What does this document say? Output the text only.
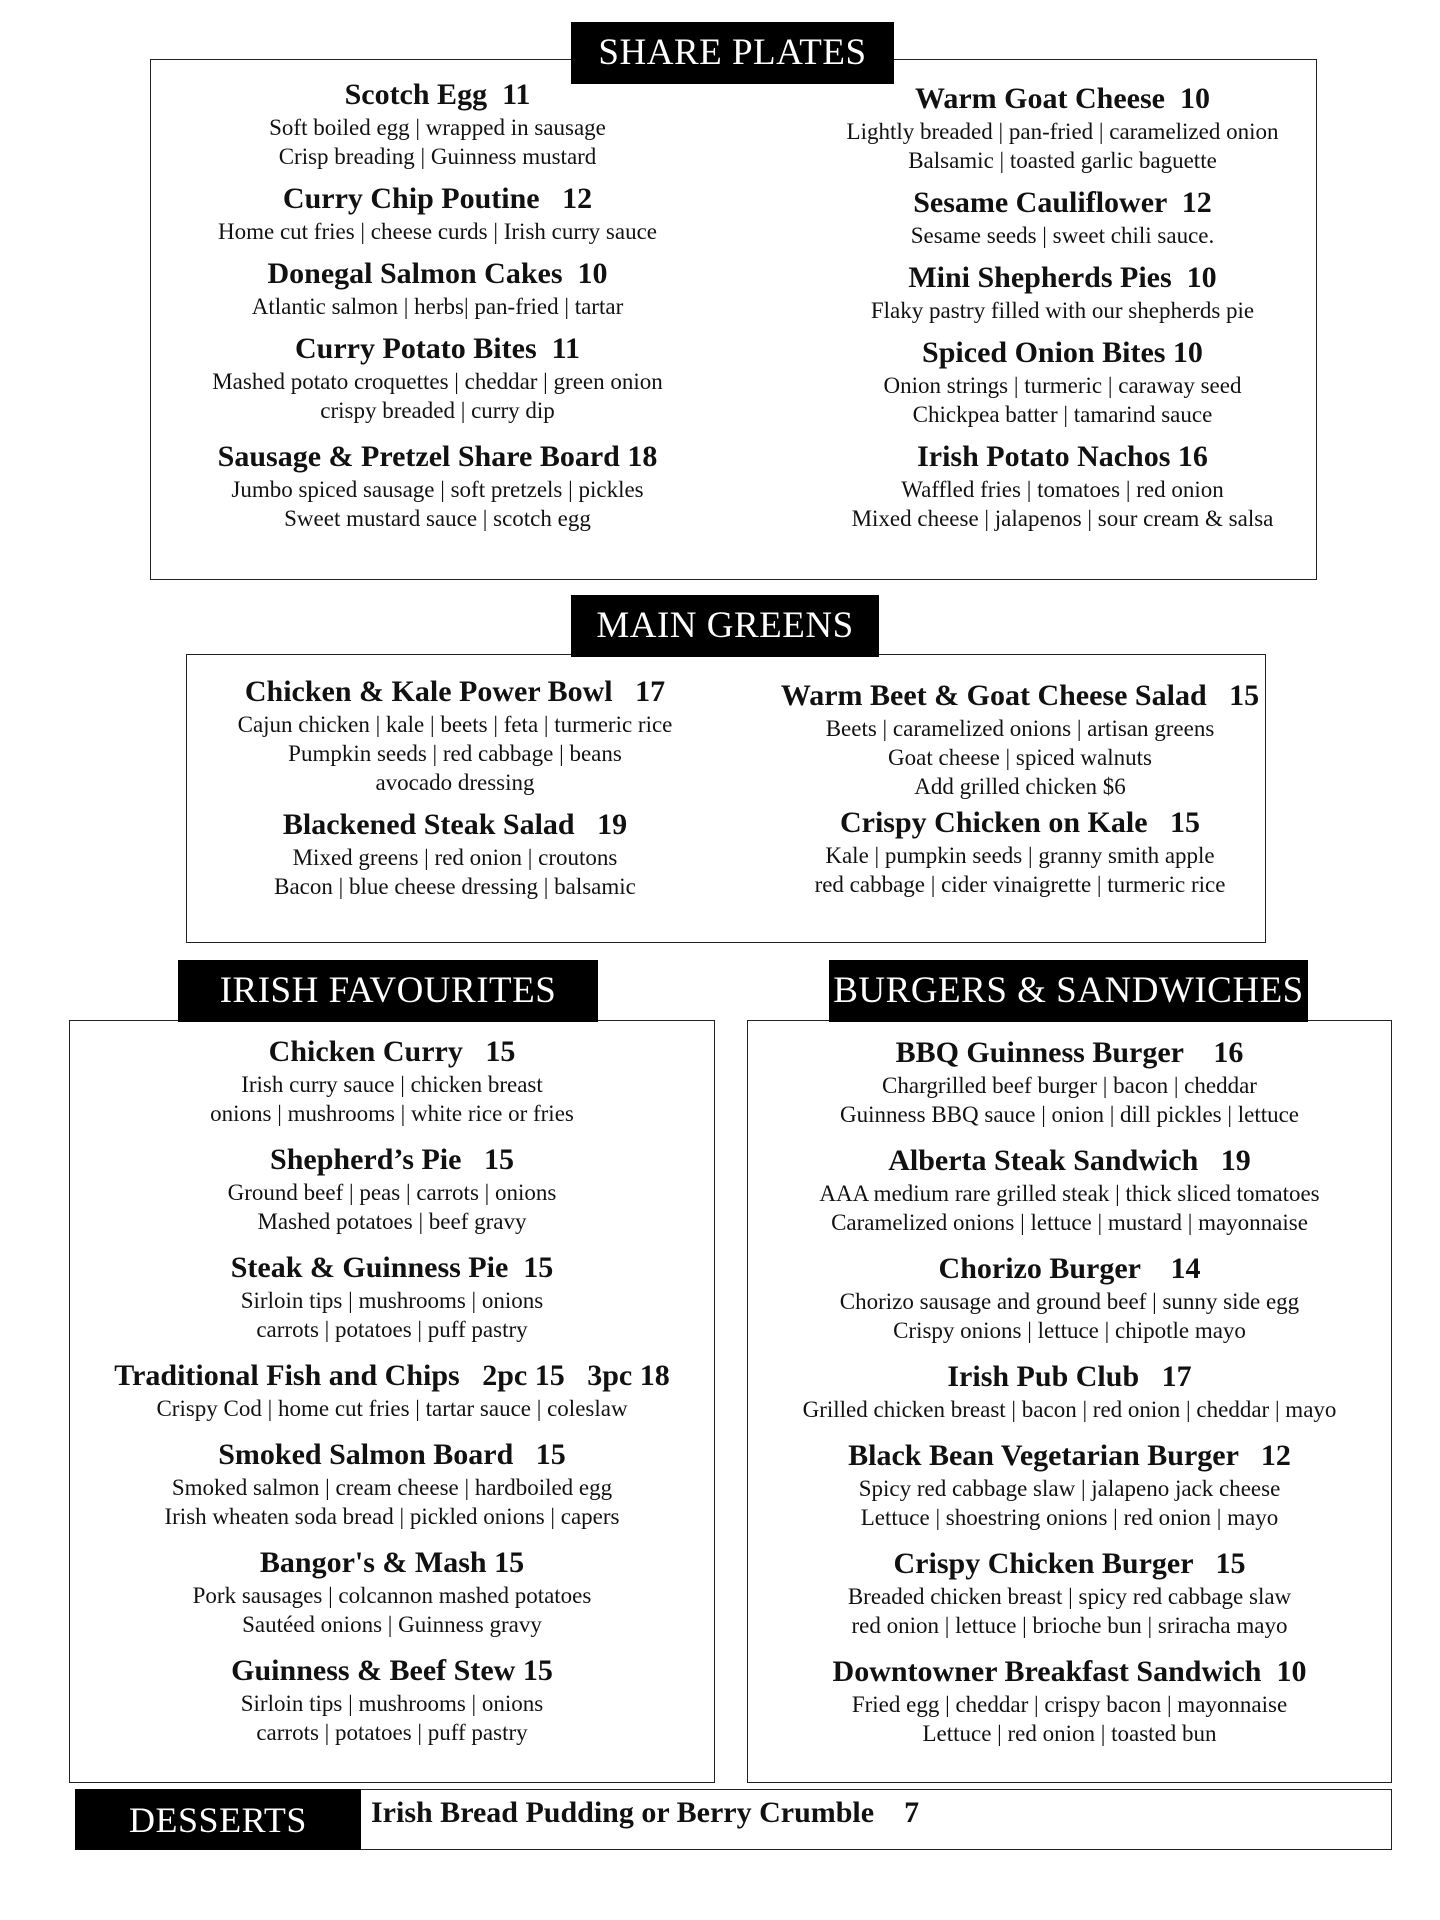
SHARE PLATES
Scotch Egg  11

Soft boiled egg | wrapped in sausage

Crisp breading | Guinness mustard

Curry Chip Poutine   12

Home cut fries | cheese curds | Irish curry sauce

Donegal Salmon Cakes  10

Atlantic salmon | herbs| pan-fried | tartar

Curry Potato Bites  11

Mashed potato croquettes | cheddar | green onion

crispy breaded | curry dip

Sausage & Pretzel Share Board 18

Jumbo spiced sausage | soft pretzels | pickles

Sweet mustard sauce | scotch egg

Warm Goat Cheese  10

Lightly breaded | pan-fried | caramelized onion

Balsamic | toasted garlic baguette

Sesame Cauliflower  12

Sesame seeds | sweet chili sauce.

Mini Shepherds Pies  10

Flaky pastry filled with our shepherds pie

Spiced Onion Bites 10

Onion strings | turmeric | caraway seed

Chickpea batter | tamarind sauce

Irish Potato Nachos 16

Waffled fries | tomatoes | red onion

Mixed cheese | jalapenos | sour cream & salsa

MAIN GREENS
Chicken & Kale Power Bowl   17

Cajun chicken | kale | beets | feta | turmeric rice

Pumpkin seeds | red cabbage | beans

avocado dressing

Blackened Steak Salad   19

Mixed greens | red onion | croutons

Bacon | blue cheese dressing | balsamic

Warm Beet & Goat Cheese Salad   15

Beets | caramelized onions | artisan greens

Goat cheese | spiced walnuts

Add grilled chicken $6

Crispy Chicken on Kale   15

Kale | pumpkin seeds | granny smith apple

red cabbage | cider vinaigrette | turmeric rice

IRISH FAVOURITES
Chicken Curry   15

Irish curry sauce | chicken breast

onions | mushrooms | white rice or fries

Shepherd’s Pie   15

Ground beef | peas | carrots | onions

Mashed potatoes | beef gravy

Steak & Guinness Pie  15

Sirloin tips | mushrooms | onions

carrots | potatoes | puff pastry

Traditional Fish and Chips   2pc 15   3pc 18

Crispy Cod | home cut fries | tartar sauce | coleslaw

Smoked Salmon Board   15

Smoked salmon | cream cheese | hardboiled egg

Irish wheaten soda bread | pickled onions | capers

Bangor's & Mash 15

Pork sausages | colcannon mashed potatoes

Sautéed onions | Guinness gravy

Guinness & Beef Stew 15

Sirloin tips | mushrooms | onions

carrots | potatoes | puff pastry

BURGERS & SANDWICHES
BBQ Guinness Burger    16

Chargrilled beef burger | bacon | cheddar

Guinness BBQ sauce | onion | dill pickles | lettuce

Alberta Steak Sandwich   19

AAA medium rare grilled steak | thick sliced tomatoes

Caramelized onions | lettuce | mustard | mayonnaise

Chorizo Burger    14

Chorizo sausage and ground beef | sunny side egg

Crispy onions | lettuce | chipotle mayo

Irish Pub Club   17

Grilled chicken breast | bacon | red onion | cheddar | mayo

Black Bean Vegetarian Burger   12

Spicy red cabbage slaw | jalapeno jack cheese

Lettuce | shoestring onions | red onion | mayo

Crispy Chicken Burger   15

Breaded chicken breast | spicy red cabbage slaw

red onion | lettuce | brioche bun | sriracha mayo

Downtowner Breakfast Sandwich  10

Fried egg | cheddar | crispy bacon | mayonnaise

Lettuce | red onion | toasted bun

DESSERTS	Irish Bread Pudding or Berry Crumble    7
